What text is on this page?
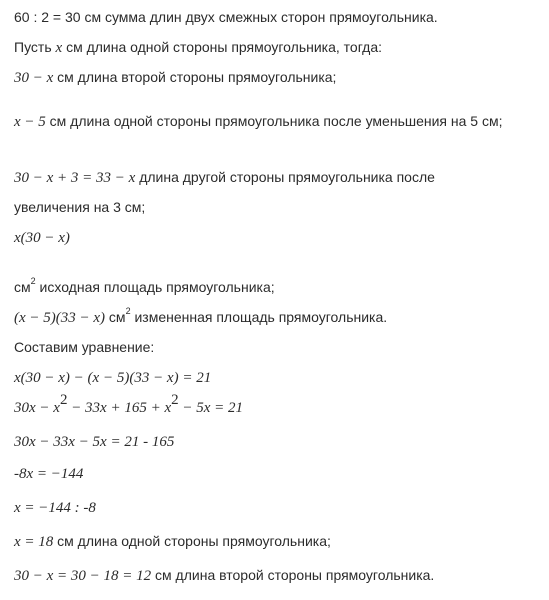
60 : 2 = 30 см сумма длин двух смежных сторон прямоугольника.
Пусть x см длина одной стороны прямоугольника, тогда:
30 − x см длина второй стороны прямоугольника;
x − 5 см длина одной стороны прямоугольника после уменьшения на 5 см;
30 − x + 3 = 33 − x длина другой стороны прямоугольника после
увеличения на 3 см;
x(30 − x)
$см^2$ исходная площадь прямоугольника;
(x − 5)(33 − x) $см^2$ измененная площадь прямоугольника.
Составим уравнение:
x(30 − x) − (x − 5)(33 − x) = 21
$30x - x^2 - 33x + 165 + x^2 - 5x = 21$
30x − 33x − 5x = 21 - 165
-8x = −144
x = −144 : -8
x = 18 см длина одной стороны прямоугольника;
30 − x = 30 − 18 = 12 см длина второй стороны прямоугольника.
